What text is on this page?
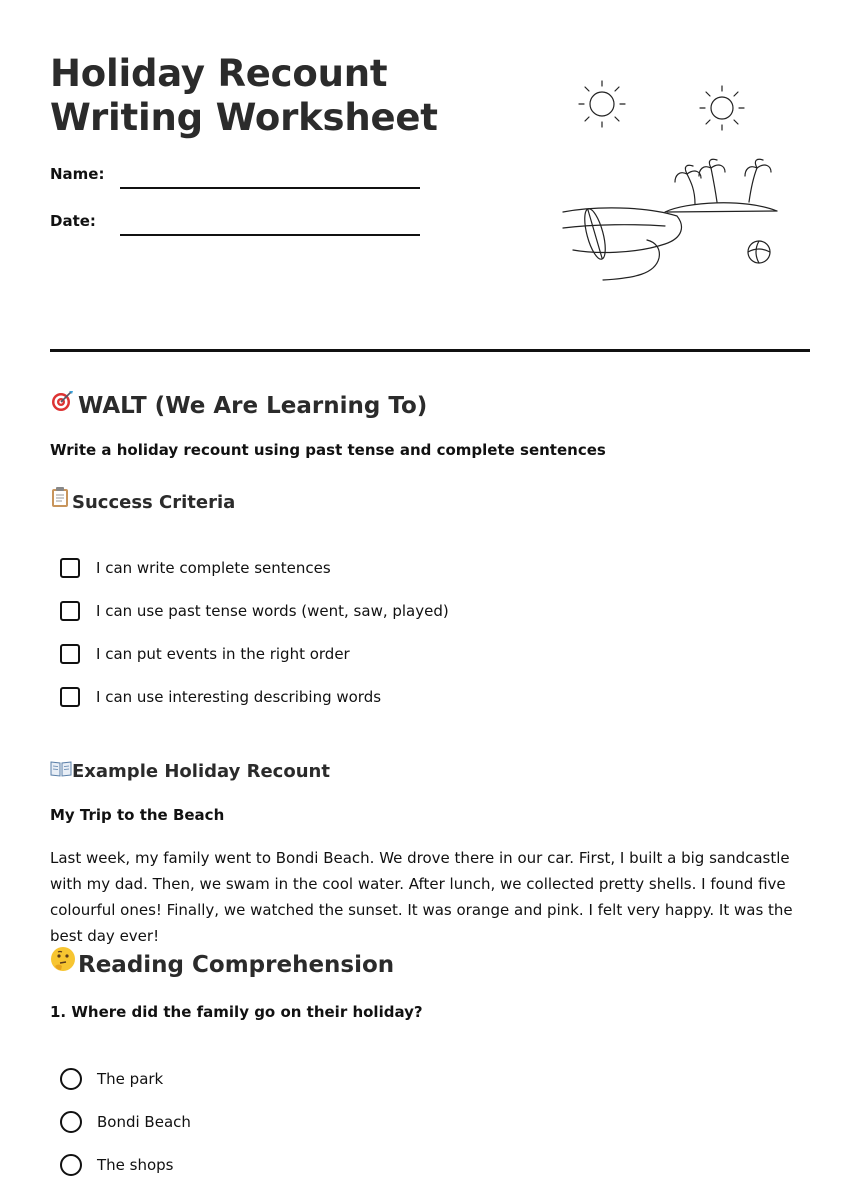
Holiday Recount
Writing Worksheet
Name:
Date:
WALT (We Are Learning To)
Write a holiday recount using past tense and complete sentences
Success Criteria
I can write complete sentences
I can use past tense words (went, saw, played)
I can put events in the right order
I can use interesting describing words
Example Holiday Recount
My Trip to the Beach

Last week, my family went to Bondi Beach. We drove there in our car. First, I built a big sandcastle with my dad. Then, we swam in the cool water. After lunch, we collected pretty shells. I found five colourful ones! Finally, we watched the sunset. It was orange and pink. I felt very happy. It was the best day ever!

Reading Comprehension
1. Where did the family go on their holiday?
The park
Bondi Beach
The shops
